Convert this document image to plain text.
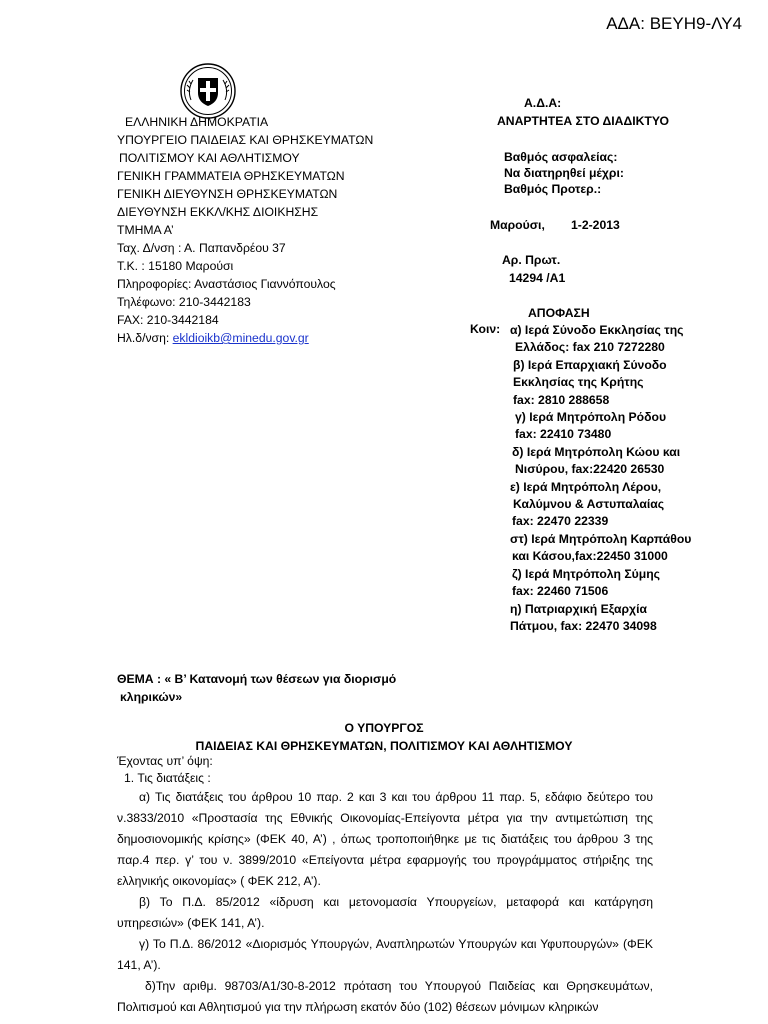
ΑΔΑ: ΒΕΥΗ9-ΛΥ4
ΕΛΛΗΝΙΚΗ ΔΗΜΟΚΡΑΤΙΑ
ΥΠΟΥΡΓΕΙΟ ΠΑΙΔΕΙΑΣ ΚΑΙ ΘΡΗΣΚΕΥΜΑΤΩΝ
ΠΟΛΙΤΙΣΜΟΥ ΚΑΙ ΑΘΛΗΤΙΣΜΟΥ
ΓΕΝΙΚΗ ΓΡΑΜΜΑΤΕΙΑ ΘΡΗΣΚΕΥΜΑΤΩΝ
ΓΕΝΙΚΗ ΔΙΕΥΘΥΝΣΗ ΘΡΗΣΚΕΥΜΑΤΩΝ
ΔΙΕΥΘΥΝΣΗ ΕΚΚΛ/ΚΗΣ ΔΙΟΙΚΗΣΗΣ
ΤΜΗΜΑ Α’
Ταχ. Δ/νση : Α. Παπανδρέου 37
Τ.Κ. : 15180 Μαρούσι
Πληροφορίες: Αναστάσιος Γιαννόπουλος
Τηλέφωνο: 210-3442183
FAX: 210-3442184
Ηλ.δ/νση: ekldioikb@minedu.gov.gr
Α.Δ.Α:
ΑΝΑΡΤΗΤΕΑ ΣΤΟ ΔΙΑΔΙΚΤΥΟ
Βαθμός ασφαλείας:
Να διατηρηθεί μέχρι:
Βαθμός Προτερ.:
Μαρούσι, 1-2-2013
Αρ. Πρωτ.
14294 /Α1
ΑΠΟΦΑΣΗ
Κοιν: α) Ιερά Σύνοδο Εκκλησίας της
Ελλάδος: fax 210 7272280
β) Ιερά Επαρχιακή Σύνοδο
Εκκλησίας της Κρήτης
fax: 2810 288658
γ) Ιερά Μητρόπολη Ρόδου
fax: 22410 73480
δ) Ιερά Μητρόπολη Κώου και
Νισύρου, fax:22420 26530
ε) Ιερά Μητρόπολη Λέρου,
Καλύμνου & Αστυπαλαίας
fax: 22470 22339
στ) Ιερά Μητρόπολη Καρπάθου
και Κάσου,fax:22450 31000
ζ) Ιερά Μητρόπολη Σύμης
fax: 22460 71506
η) Πατριαρχική Εξαρχία
Πάτμου, fax: 22470 34098
ΘΕΜΑ : « Β’ Κατανομή των θέσεων για διορισμό
κληρικών»
Ο ΥΠΟΥΡΓΟΣ
ΠΑΙΔΕΙΑΣ ΚΑΙ ΘΡΗΣΚΕΥΜΑΤΩΝ, ΠΟΛΙΤΙΣΜΟΥ ΚΑΙ ΑΘΛΗΤΙΣΜΟΥ

Έχοντας υπ’ όψη:

1. Τις διατάξεις :

α) Τις διατάξεις του άρθρου 10 παρ. 2 και 3 και του άρθρου 11 παρ. 5, εδάφιο δεύτερο του ν.3833/2010 «Προστασία της Εθνικής Οικονομίας-Επείγοντα μέτρα για την αντιμετώπιση της δημοσιονομικής κρίσης» (ΦΕΚ 40, Α’) , όπως τροποποιήθηκε με τις διατάξεις του άρθρου 3 της παρ.4 περ. γ’ του ν. 3899/2010 «Επείγοντα μέτρα εφαρμογής του προγράμματος στήριξης της ελληνικής οικονομίας» ( ΦΕΚ 212, Α’).

β) Το Π.Δ. 85/2012 «ίδρυση και μετονομασία Υπουργείων, μεταφορά και κατάργηση υπηρεσιών» (ΦΕΚ 141, Α’).

γ) Το Π.Δ. 86/2012 «Διορισμός Υπουργών, Αναπληρωτών Υπουργών και Υφυπουργών» (ΦΕΚ 141, Α’).

δ)Την αριθμ. 98703/Α1/30-8-2012 πρόταση του Υπουργού Παιδείας και Θρησκευμάτων, Πολιτισμού και Αθλητισμού για την πλήρωση εκατόν δύο (102) θέσεων μόνιμων κληρικών
